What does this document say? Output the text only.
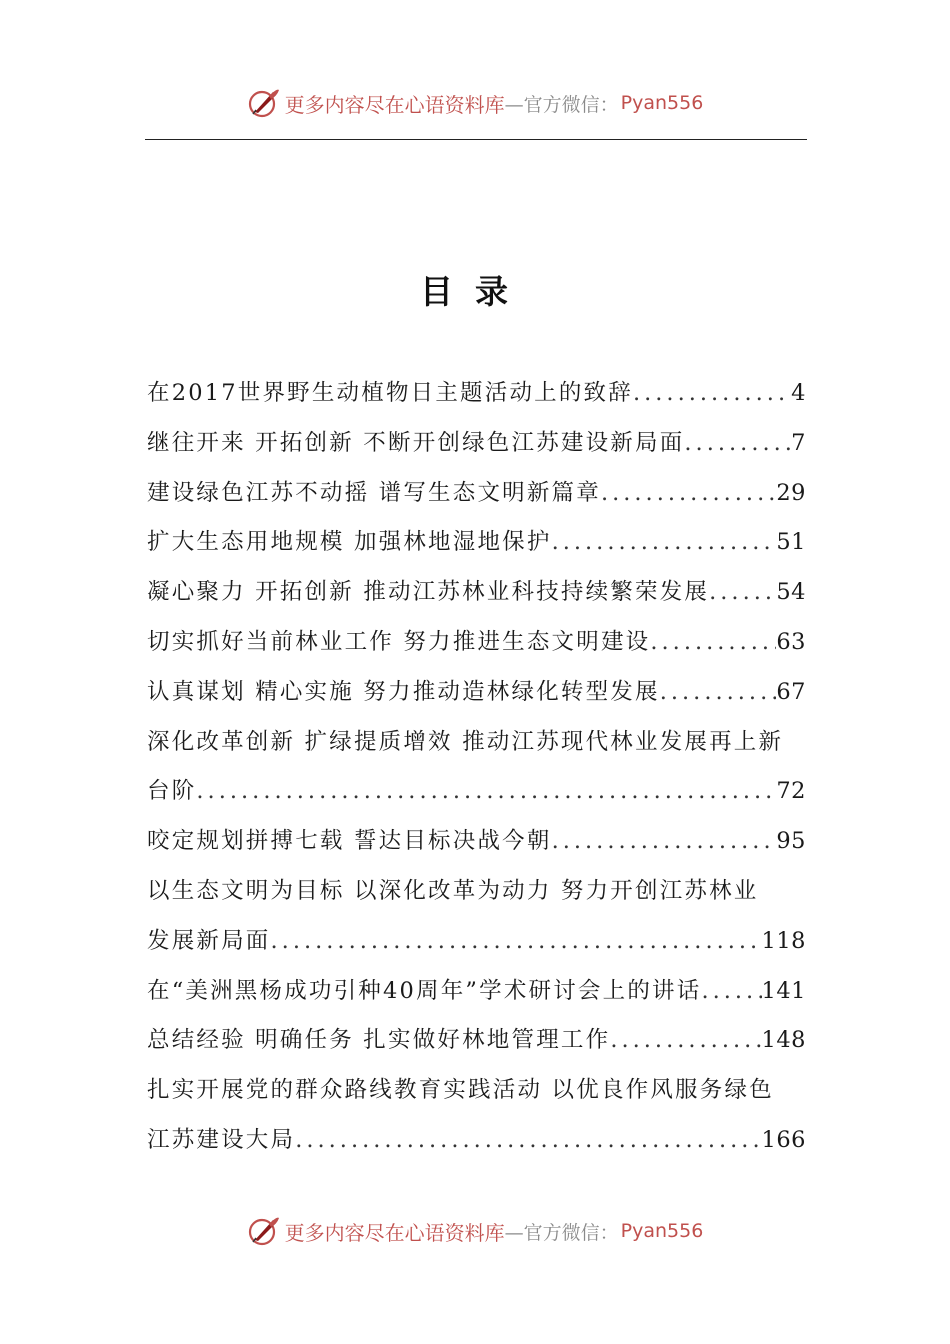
更多内容尽在心语资料库 —官方微信： Pyan556
目录
在2017世界野生动植物日主题活动上的致辞 .....	4
继往开来 开拓创新 不断开创绿色江苏建设新局面 .....	7
建设绿色江苏不动摇 谱写生态文明新篇章 .....	29
扩大生态用地规模 加强林地湿地保护 .....	51
凝心聚力 开拓创新 推动江苏林业科技持续繁荣发展 .....	54
切实抓好当前林业工作 努力推进生态文明建设 .....	63
认真谋划 精心实施 努力推动造林绿化转型发展 .....	67
深化改革创新 扩绿提质增效 推动江苏现代林业发展再上新
台阶 .....	72
咬定规划拼搏七载 誓达目标决战今朝 .....	95
以生态文明为目标 以深化改革为动力 努力开创江苏林业
发展新局面 .....	118
在“美洲黑杨成功引种40周年”学术研讨会上的讲话 .....	141
总结经验 明确任务 扎实做好林地管理工作 .....	148
扎实开展党的群众路线教育实践活动 以优良作风服务绿色
江苏建设大局 .....	166
更多内容尽在心语资料库 —官方微信： Pyan556
